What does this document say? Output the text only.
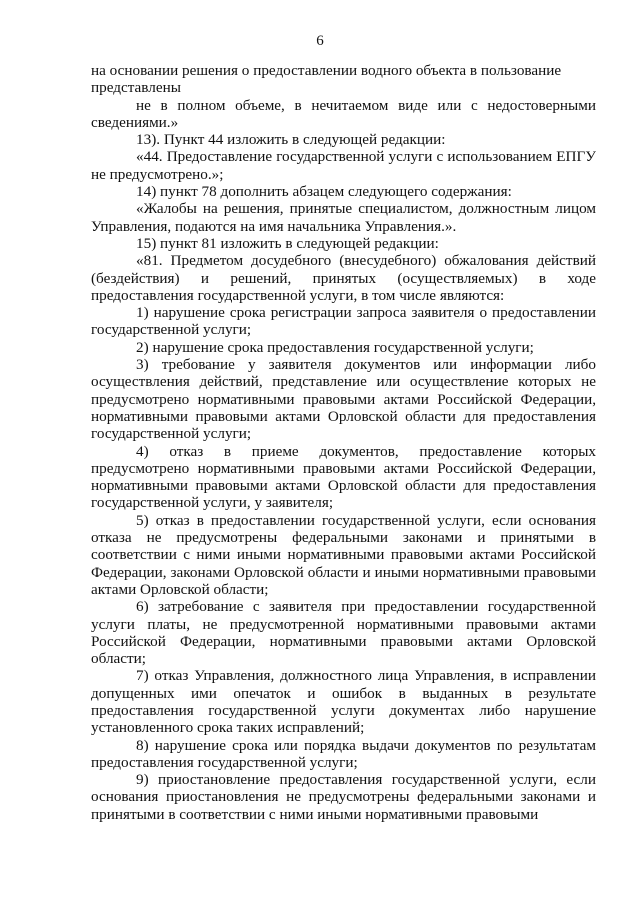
6

на основании решения о предоставлении водного объекта в пользование представлены

не в полном объеме, в нечитаемом виде или с недостоверными сведениями.»

13). Пункт 44 изложить в следующей редакции:

«44. Предоставление государственной услуги с использованием ЕПГУ не предусмотрено.»;

14) пункт 78 дополнить абзацем следующего содержания:

«Жалобы на решения, принятые специалистом, должностным лицом Управления, подаются на имя начальника Управления.».

15) пункт 81 изложить в следующей редакции:

«81. Предметом досудебного (внесудебного) обжалования действий (бездействия) и решений, принятых (осуществляемых) в ходе предоставления государственной услуги, в том числе являются:

1) нарушение срока регистрации запроса заявителя о предоставлении государственной услуги;

2) нарушение срока предоставления государственной услуги;

3) требование у заявителя документов или информации либо осуществления действий, представление или осуществление которых не предусмотрено нормативными правовыми актами Российской Федерации, нормативными правовыми актами Орловской области для предоставления государственной услуги;

4) отказ в приеме документов, предоставление которых предусмотрено нормативными правовыми актами Российской Федерации, нормативными правовыми актами Орловской области для предоставления государственной услуги, у заявителя;

5) отказ в предоставлении государственной услуги, если основания отказа не предусмотрены федеральными законами и принятыми в соответствии с ними иными нормативными правовыми актами Российской Федерации, законами Орловской области и иными нормативными правовыми актами Орловской области;

6) затребование с заявителя при предоставлении государственной услуги платы, не предусмотренной нормативными правовыми актами Российской Федерации, нормативными правовыми актами Орловской области;

7) отказ Управления, должностного лица Управления, в исправлении допущенных ими опечаток и ошибок в выданных в результате предоставления государственной услуги документах либо нарушение установленного срока таких исправлений;

8) нарушение срока или порядка выдачи документов по результатам предоставления государственной услуги;

9) приостановление предоставления государственной услуги, если основания приостановления не предусмотрены федеральными законами и принятыми в соответствии с ними иными нормативными правовыми
